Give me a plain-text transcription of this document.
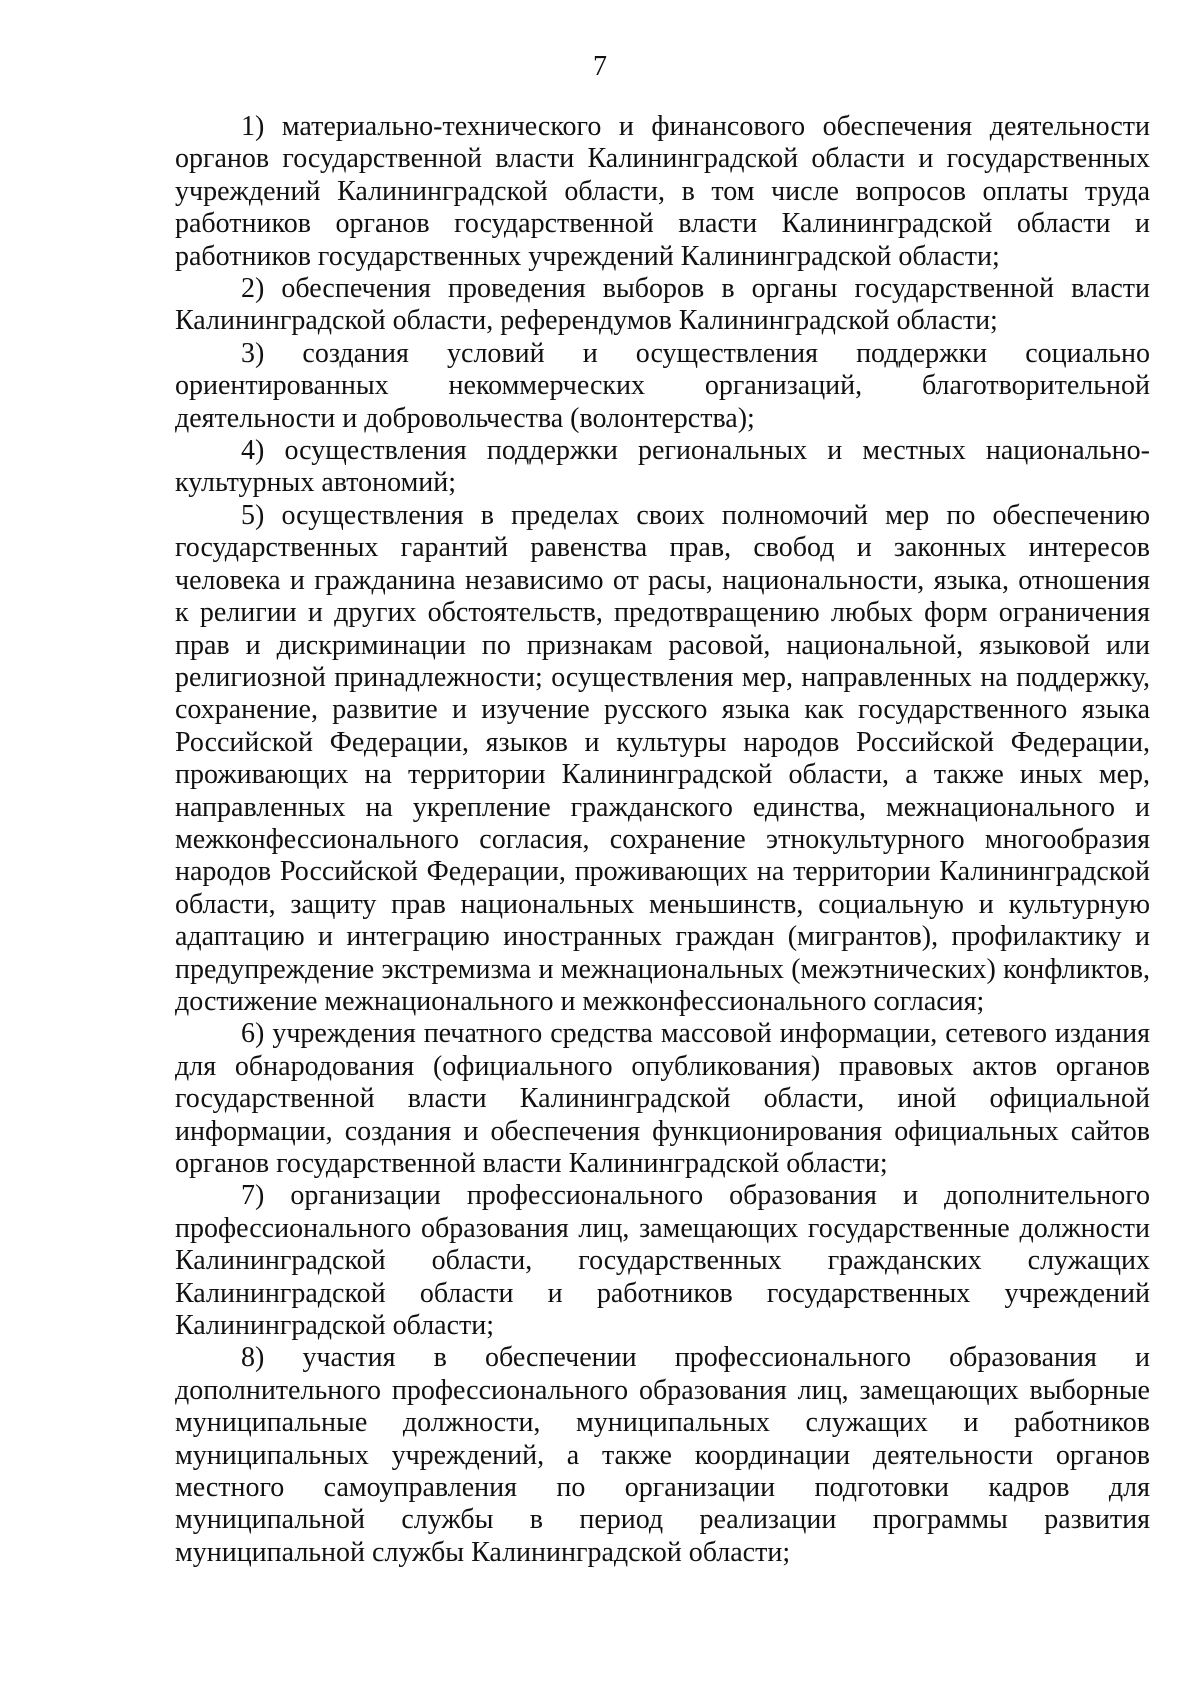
7

1) материально-технического и финансового обеспечения деятельности органов государственной власти Калининградской области и государственных учреждений Калининградской области, в том числе вопросов оплаты труда работников органов государственной власти Калининградской области и работников государственных учреждений Калининградской области;

2) обеспечения проведения выборов в органы государственной власти Калининградской области, референдумов Калининградской области;

3) создания условий и осуществления поддержки социально ориентированных некоммерческих организаций, благотворительной деятельности и добровольчества (волонтерства);

4) осуществления поддержки региональных и местных национально-культурных автономий;

5) осуществления в пределах своих полномочий мер по обеспечению государственных гарантий равенства прав, свобод и законных интересов человека и гражданина независимо от расы, национальности, языка, отношения к религии и других обстоятельств, предотвращению любых форм ограничения прав и дискриминации по признакам расовой, национальной, языковой или религиозной принадлежности; осуществления мер, направленных на поддержку, сохранение, развитие и изучение русского языка как государственного языка Российской Федерации, языков и культуры народов Российской Федерации, проживающих на территории Калининградской области, а также иных мер, направленных на укрепление гражданского единства, межнационального и межконфессионального согласия, сохранение этнокультурного многообразия народов Российской Федерации, проживающих на территории Калининградской области, защиту прав национальных меньшинств, социальную и культурную адаптацию и интеграцию иностранных граждан (мигрантов), профилактику и предупреждение экстремизма и межнациональных (межэтнических) конфликтов, достижение межнационального и межконфессионального согласия;

6) учреждения печатного средства массовой информации, сетевого издания для обнародования (официального опубликования) правовых актов органов государственной власти Калининградской области, иной официальной информации, создания и обеспечения функционирования официальных сайтов органов государственной власти Калининградской области;

7) организации профессионального образования и дополнительного профессионального образования лиц, замещающих государственные должности Калининградской области, государственных гражданских служащих Калининградской области и работников государственных учреждений Калининградской области;

8) участия в обеспечении профессионального образования и дополнительного профессионального образования лиц, замещающих выборные муниципальные должности, муниципальных служащих и работников муниципальных учреждений, а также координации деятельности органов местного самоуправления по организации подготовки кадров для муниципальной службы в период реализации программы развития муниципальной службы Калининградской области;
